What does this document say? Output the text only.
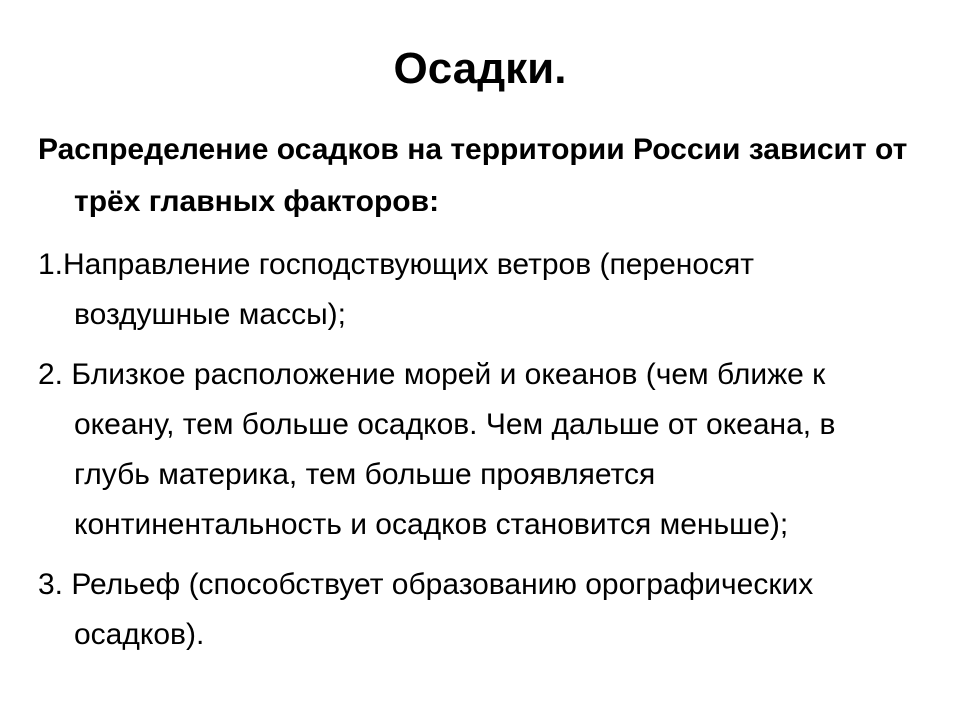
Осадки.

Распределение осадков на территории России зависит от трёх главных факторов:

1.Направление господствующих ветров (переносят воздушные массы);

2. Близкое расположение морей и океанов (чем ближе к океану, тем больше осадков. Чем дальше от океана, в глубь материка, тем больше проявляется континентальность и осадков становится меньше);

3. Рельеф (способствует образованию орографических осадков).
